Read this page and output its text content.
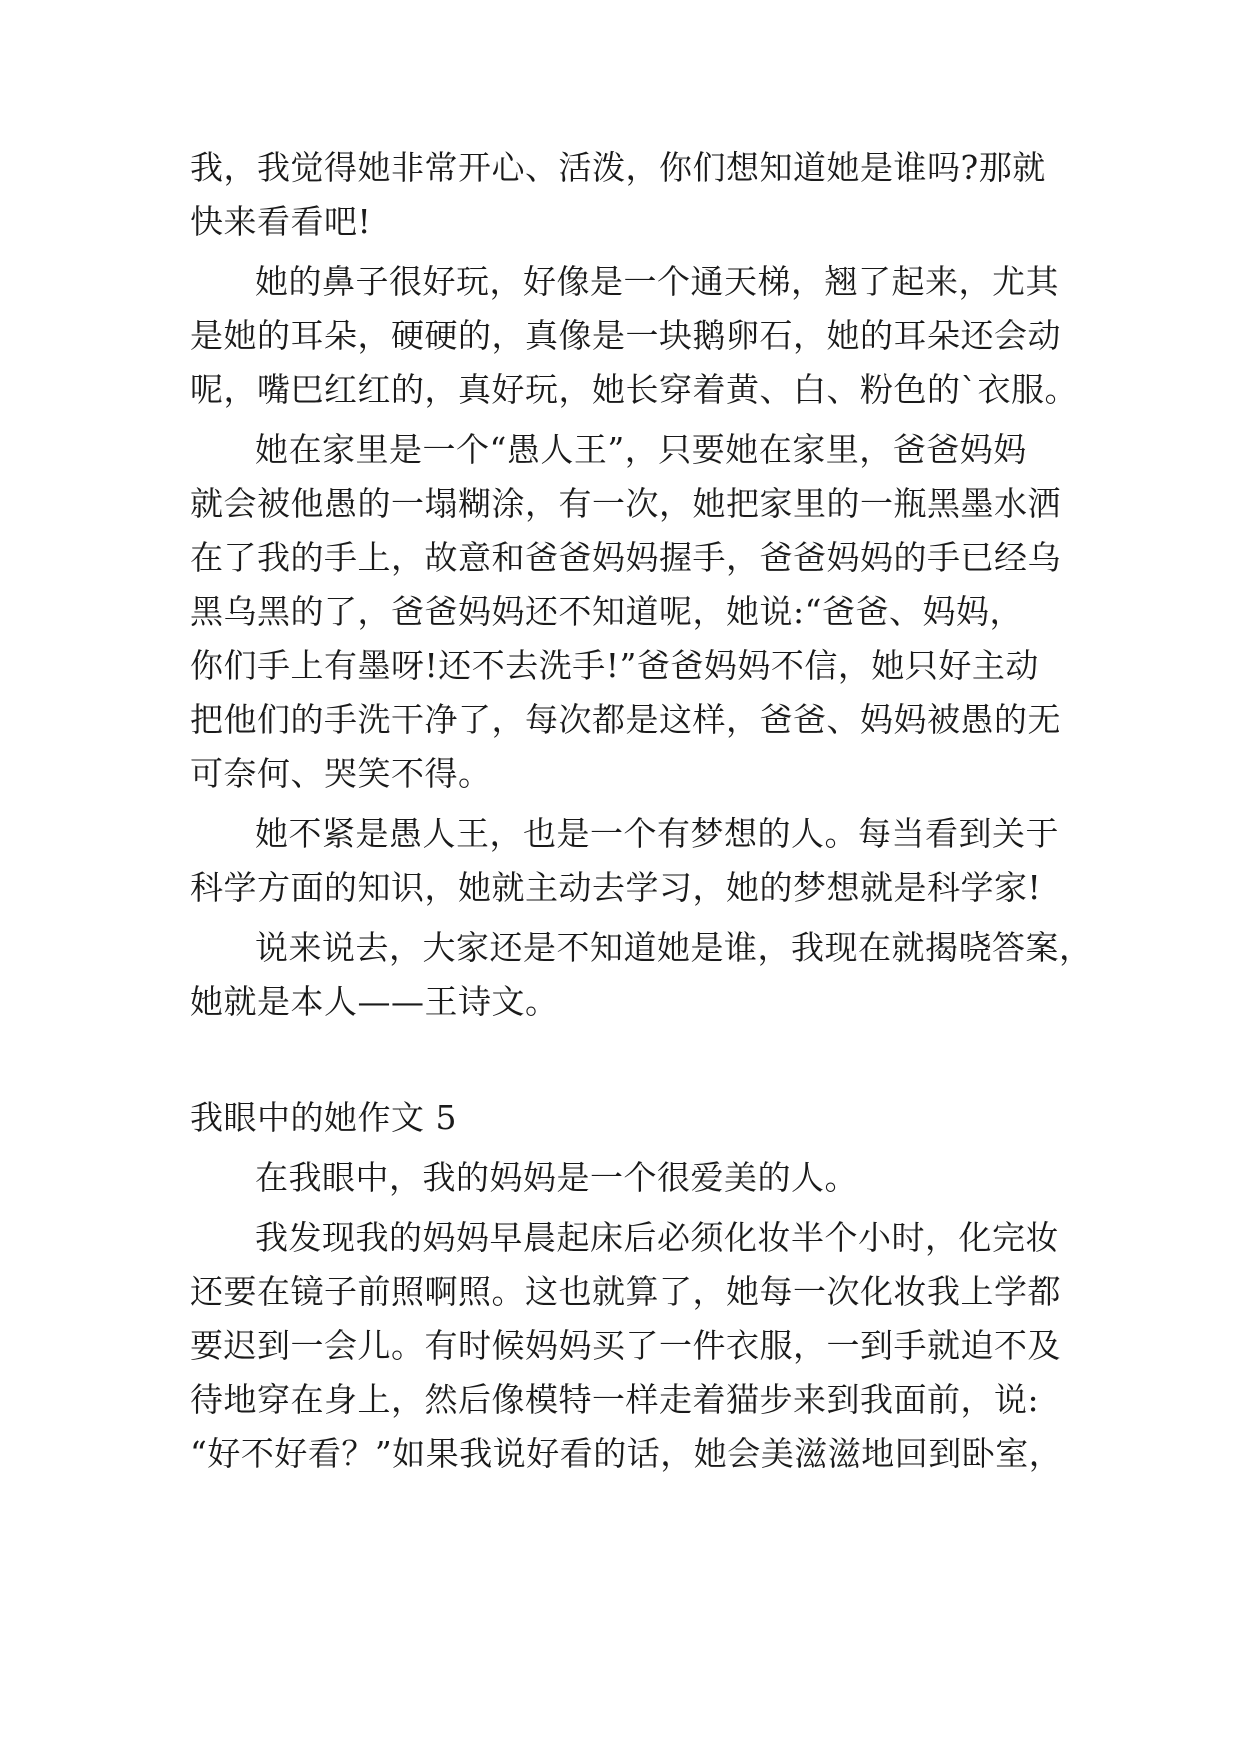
我，我觉得她非常开心、活泼，你们想知道她是谁吗?那就
快来看看吧!
她的鼻子很好玩，好像是一个通天梯，翘了起来，尤其
是她的耳朵，硬硬的，真像是一块鹅卵石，她的耳朵还会动
呢，嘴巴红红的，真好玩，她长穿着黄、白、粉色的`衣服。
她在家里是一个“愚人王”，只要她在家里，爸爸妈妈
就会被他愚的一塌糊涂，有一次，她把家里的一瓶黑墨水洒
在了我的手上，故意和爸爸妈妈握手，爸爸妈妈的手已经乌
黑乌黑的了，爸爸妈妈还不知道呢，她说:“爸爸、妈妈，
你们手上有墨呀!还不去洗手!”爸爸妈妈不信，她只好主动
把他们的手洗干净了，每次都是这样，爸爸、妈妈被愚的无
可奈何、哭笑不得。
她不紧是愚人王，也是一个有梦想的人。每当看到关于
科学方面的知识，她就主动去学习，她的梦想就是科学家!
说来说去，大家还是不知道她是谁，我现在就揭晓答案，
她就是本人——王诗文。
我眼中的她作文 5
在我眼中，我的妈妈是一个很爱美的人。
我发现我的妈妈早晨起床后必须化妆半个小时，化完妆
还要在镜子前照啊照。这也就算了，她每一次化妆我上学都
要迟到一会儿。有时候妈妈买了一件衣服，一到手就迫不及
待地穿在身上，然后像模特一样走着猫步来到我面前，说:
“好不好看？”如果我说好看的话，她会美滋滋地回到卧室，
